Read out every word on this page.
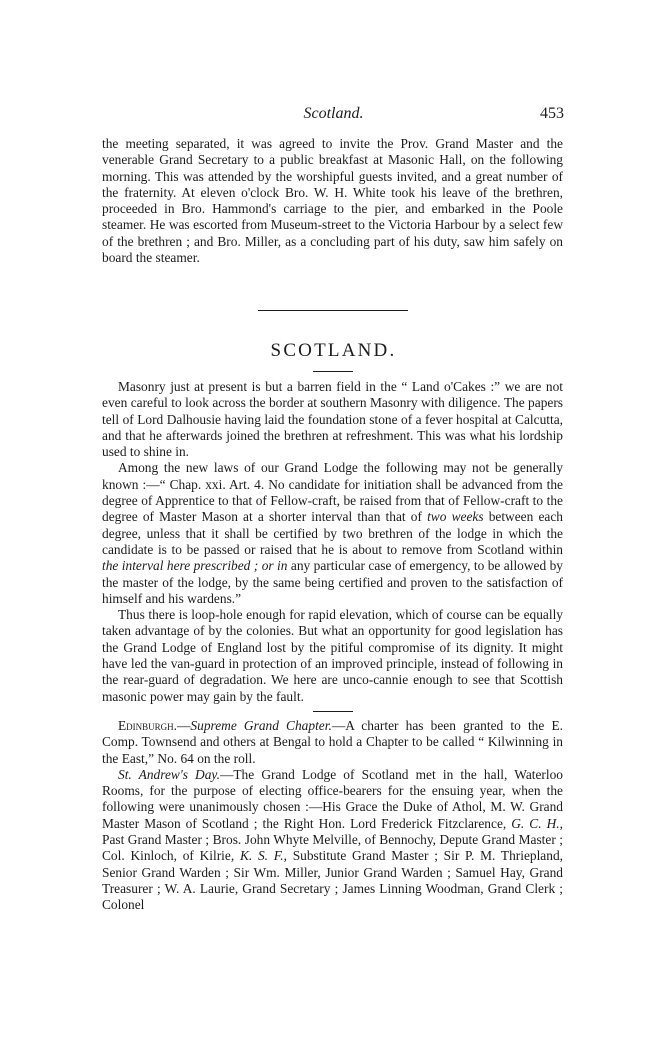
Scotland.	453

the meeting separated, it was agreed to invite the Prov. Grand Master and the venerable Grand Secretary to a public breakfast at Masonic Hall, on the following morning. This was attended by the worshipful guests invited, and a great number of the fraternity. At eleven o'clock Bro. W. H. White took his leave of the brethren, proceeded in Bro. Hammond's carriage to the pier, and embarked in the Poole steamer. He was escorted from Museum-street to the Victoria Harbour by a select few of the brethren ; and Bro. Miller, as a concluding part of his duty, saw him safely on board the steamer.

SCOTLAND.

Masonry just at present is but a barren field in the “ Land o'Cakes :” we are not even careful to look across the border at southern Masonry with diligence. The papers tell of Lord Dalhousie having laid the foundation stone of a fever hospital at Calcutta, and that he afterwards joined the brethren at refreshment. This was what his lordship used to shine in.

Among the new laws of our Grand Lodge the following may not be generally known :—“ Chap. xxi. Art. 4. No candidate for initiation shall be advanced from the degree of Apprentice to that of Fellow-craft, be raised from that of Fellow-craft to the degree of Master Mason at a shorter interval than that of two weeks between each degree, unless that it shall be certified by two brethren of the lodge in which the candidate is to be passed or raised that he is about to remove from Scotland within the interval here prescribed ; or in any particular case of emergency, to be allowed by the master of the lodge, by the same being certified and proven to the satisfaction of himself and his wardens.”

Thus there is loop-hole enough for rapid elevation, which of course can be equally taken advantage of by the colonies. But what an opportunity for good legislation has the Grand Lodge of England lost by the pitiful compromise of its dignity. It might have led the van-guard in protection of an improved principle, instead of following in the rear-guard of degradation. We here are unco-cannie enough to see that Scottish masonic power may gain by the fault.

Edinburgh.—Supreme Grand Chapter.—A charter has been granted to the E. Comp. Townsend and others at Bengal to hold a Chapter to be called “ Kilwinning in the East,” No. 64 on the roll.

St. Andrew's Day.—The Grand Lodge of Scotland met in the hall, Waterloo Rooms, for the purpose of electing office-bearers for the ensuing year, when the following were unanimously chosen :—His Grace the Duke of Athol, M. W. Grand Master Mason of Scotland ; the Right Hon. Lord Frederick Fitzclarence, G. C. H., Past Grand Master ; Bros. John Whyte Melville, of Bennochy, Depute Grand Master ; Col. Kinloch, of Kilrie, K. S. F., Substitute Grand Master ; Sir P. M. Thriepland, Senior Grand Warden ; Sir Wm. Miller, Junior Grand Warden ; Samuel Hay, Grand Treasurer ; W. A. Laurie, Grand Secretary ; James Linning Woodman, Grand Clerk ; Colonel
